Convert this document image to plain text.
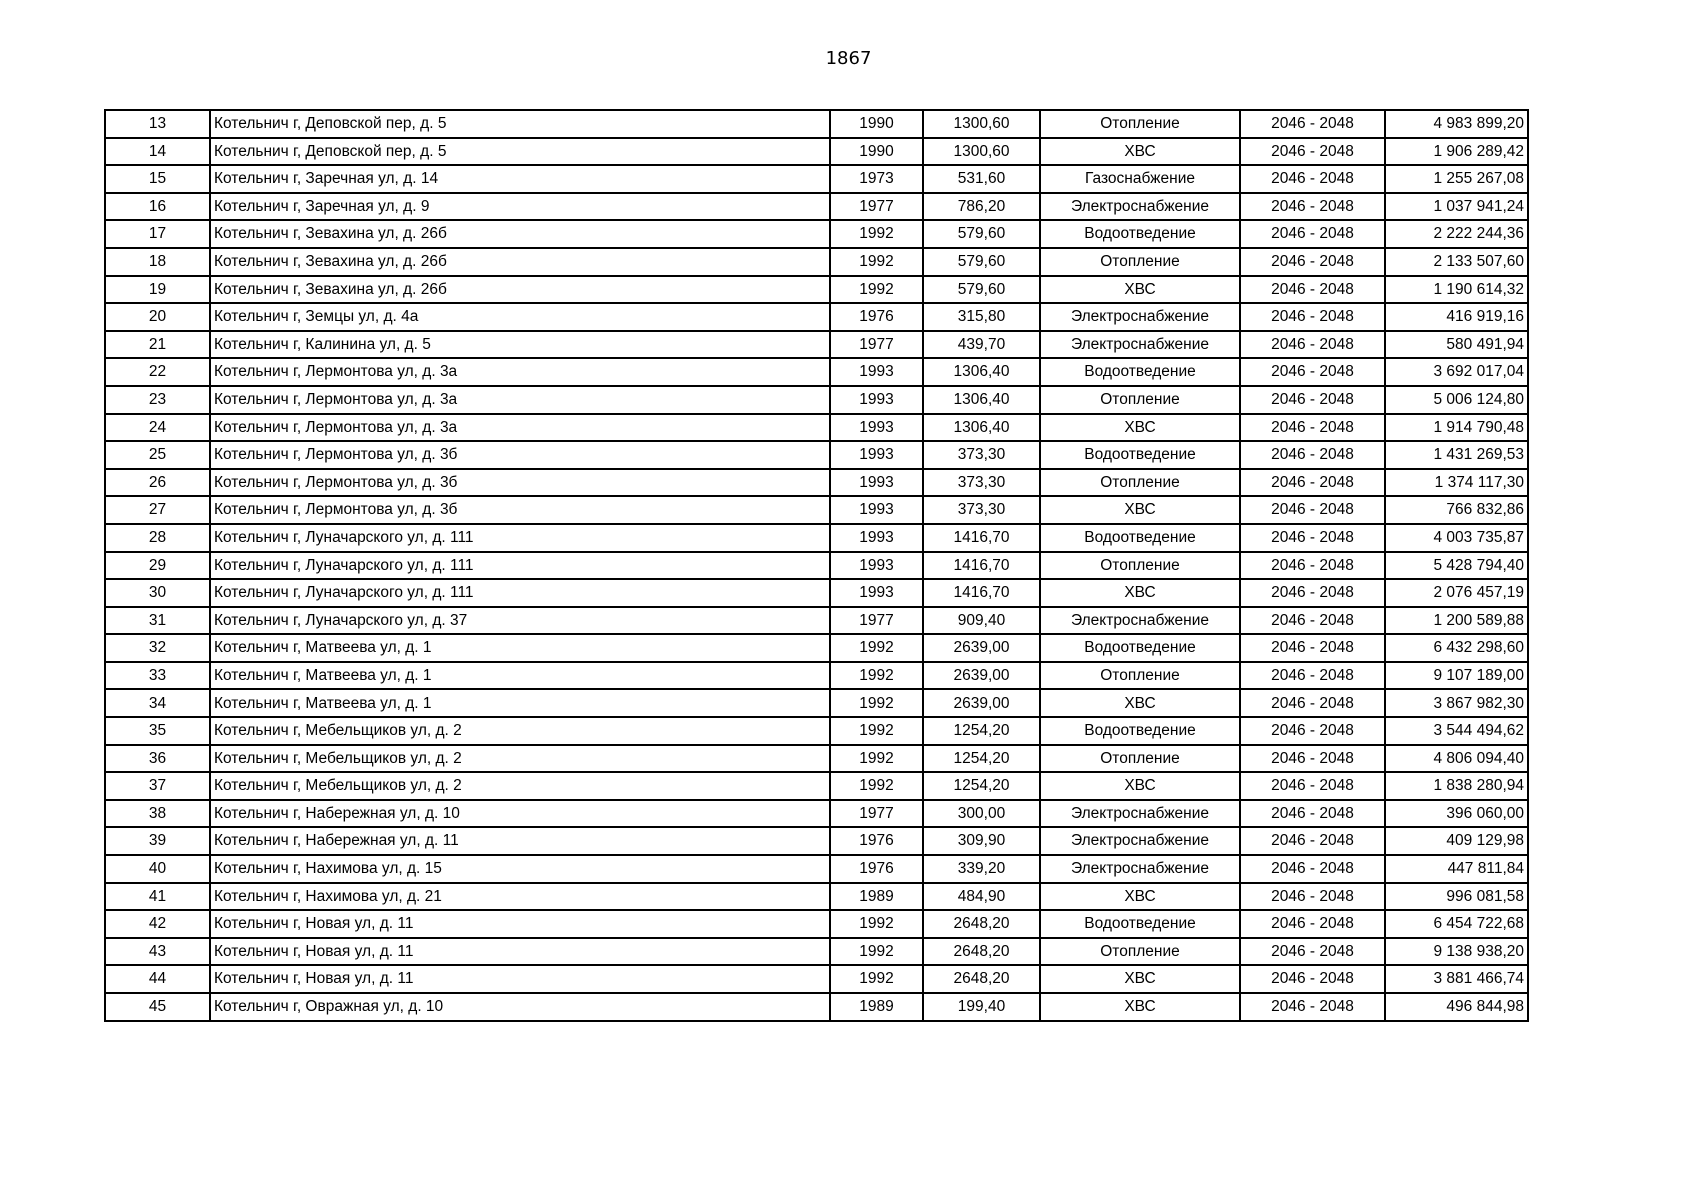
1867
13	Котельнич г, Деповской пер, д. 5	1990	1300,60	Отопление	2046 - 2048	4 983 899,20
14	Котельнич г, Деповской пер, д. 5	1990	1300,60	ХВС	2046 - 2048	1 906 289,42
15	Котельнич г, Заречная ул, д. 14	1973	531,60	Газоснабжение	2046 - 2048	1 255 267,08
16	Котельнич г, Заречная ул, д. 9	1977	786,20	Электроснабжение	2046 - 2048	1 037 941,24
17	Котельнич г, Зевахина ул, д. 26б	1992	579,60	Водоотведение	2046 - 2048	2 222 244,36
18	Котельнич г, Зевахина ул, д. 26б	1992	579,60	Отопление	2046 - 2048	2 133 507,60
19	Котельнич г, Зевахина ул, д. 26б	1992	579,60	ХВС	2046 - 2048	1 190 614,32
20	Котельнич г, Земцы ул, д. 4а	1976	315,80	Электроснабжение	2046 - 2048	416 919,16
21	Котельнич г, Калинина ул, д. 5	1977	439,70	Электроснабжение	2046 - 2048	580 491,94
22	Котельнич г, Лермонтова ул, д. 3а	1993	1306,40	Водоотведение	2046 - 2048	3 692 017,04
23	Котельнич г, Лермонтова ул, д. 3а	1993	1306,40	Отопление	2046 - 2048	5 006 124,80
24	Котельнич г, Лермонтова ул, д. 3а	1993	1306,40	ХВС	2046 - 2048	1 914 790,48
25	Котельнич г, Лермонтова ул, д. 3б	1993	373,30	Водоотведение	2046 - 2048	1 431 269,53
26	Котельнич г, Лермонтова ул, д. 3б	1993	373,30	Отопление	2046 - 2048	1 374 117,30
27	Котельнич г, Лермонтова ул, д. 3б	1993	373,30	ХВС	2046 - 2048	766 832,86
28	Котельнич г, Луначарского ул, д. 111	1993	1416,70	Водоотведение	2046 - 2048	4 003 735,87
29	Котельнич г, Луначарского ул, д. 111	1993	1416,70	Отопление	2046 - 2048	5 428 794,40
30	Котельнич г, Луначарского ул, д. 111	1993	1416,70	ХВС	2046 - 2048	2 076 457,19
31	Котельнич г, Луначарского ул, д. 37	1977	909,40	Электроснабжение	2046 - 2048	1 200 589,88
32	Котельнич г, Матвеева ул, д. 1	1992	2639,00	Водоотведение	2046 - 2048	6 432 298,60
33	Котельнич г, Матвеева ул, д. 1	1992	2639,00	Отопление	2046 - 2048	9 107 189,00
34	Котельнич г, Матвеева ул, д. 1	1992	2639,00	ХВС	2046 - 2048	3 867 982,30
35	Котельнич г, Мебельщиков ул, д. 2	1992	1254,20	Водоотведение	2046 - 2048	3 544 494,62
36	Котельнич г, Мебельщиков ул, д. 2	1992	1254,20	Отопление	2046 - 2048	4 806 094,40
37	Котельнич г, Мебельщиков ул, д. 2	1992	1254,20	ХВС	2046 - 2048	1 838 280,94
38	Котельнич г, Набережная ул, д. 10	1977	300,00	Электроснабжение	2046 - 2048	396 060,00
39	Котельнич г, Набережная ул, д. 11	1976	309,90	Электроснабжение	2046 - 2048	409 129,98
40	Котельнич г, Нахимова ул, д. 15	1976	339,20	Электроснабжение	2046 - 2048	447 811,84
41	Котельнич г, Нахимова ул, д. 21	1989	484,90	ХВС	2046 - 2048	996 081,58
42	Котельнич г, Новая ул, д. 11	1992	2648,20	Водоотведение	2046 - 2048	6 454 722,68
43	Котельнич г, Новая ул, д. 11	1992	2648,20	Отопление	2046 - 2048	9 138 938,20
44	Котельнич г, Новая ул, д. 11	1992	2648,20	ХВС	2046 - 2048	3 881 466,74
45	Котельнич г, Овражная ул, д. 10	1989	199,40	ХВС	2046 - 2048	496 844,98
